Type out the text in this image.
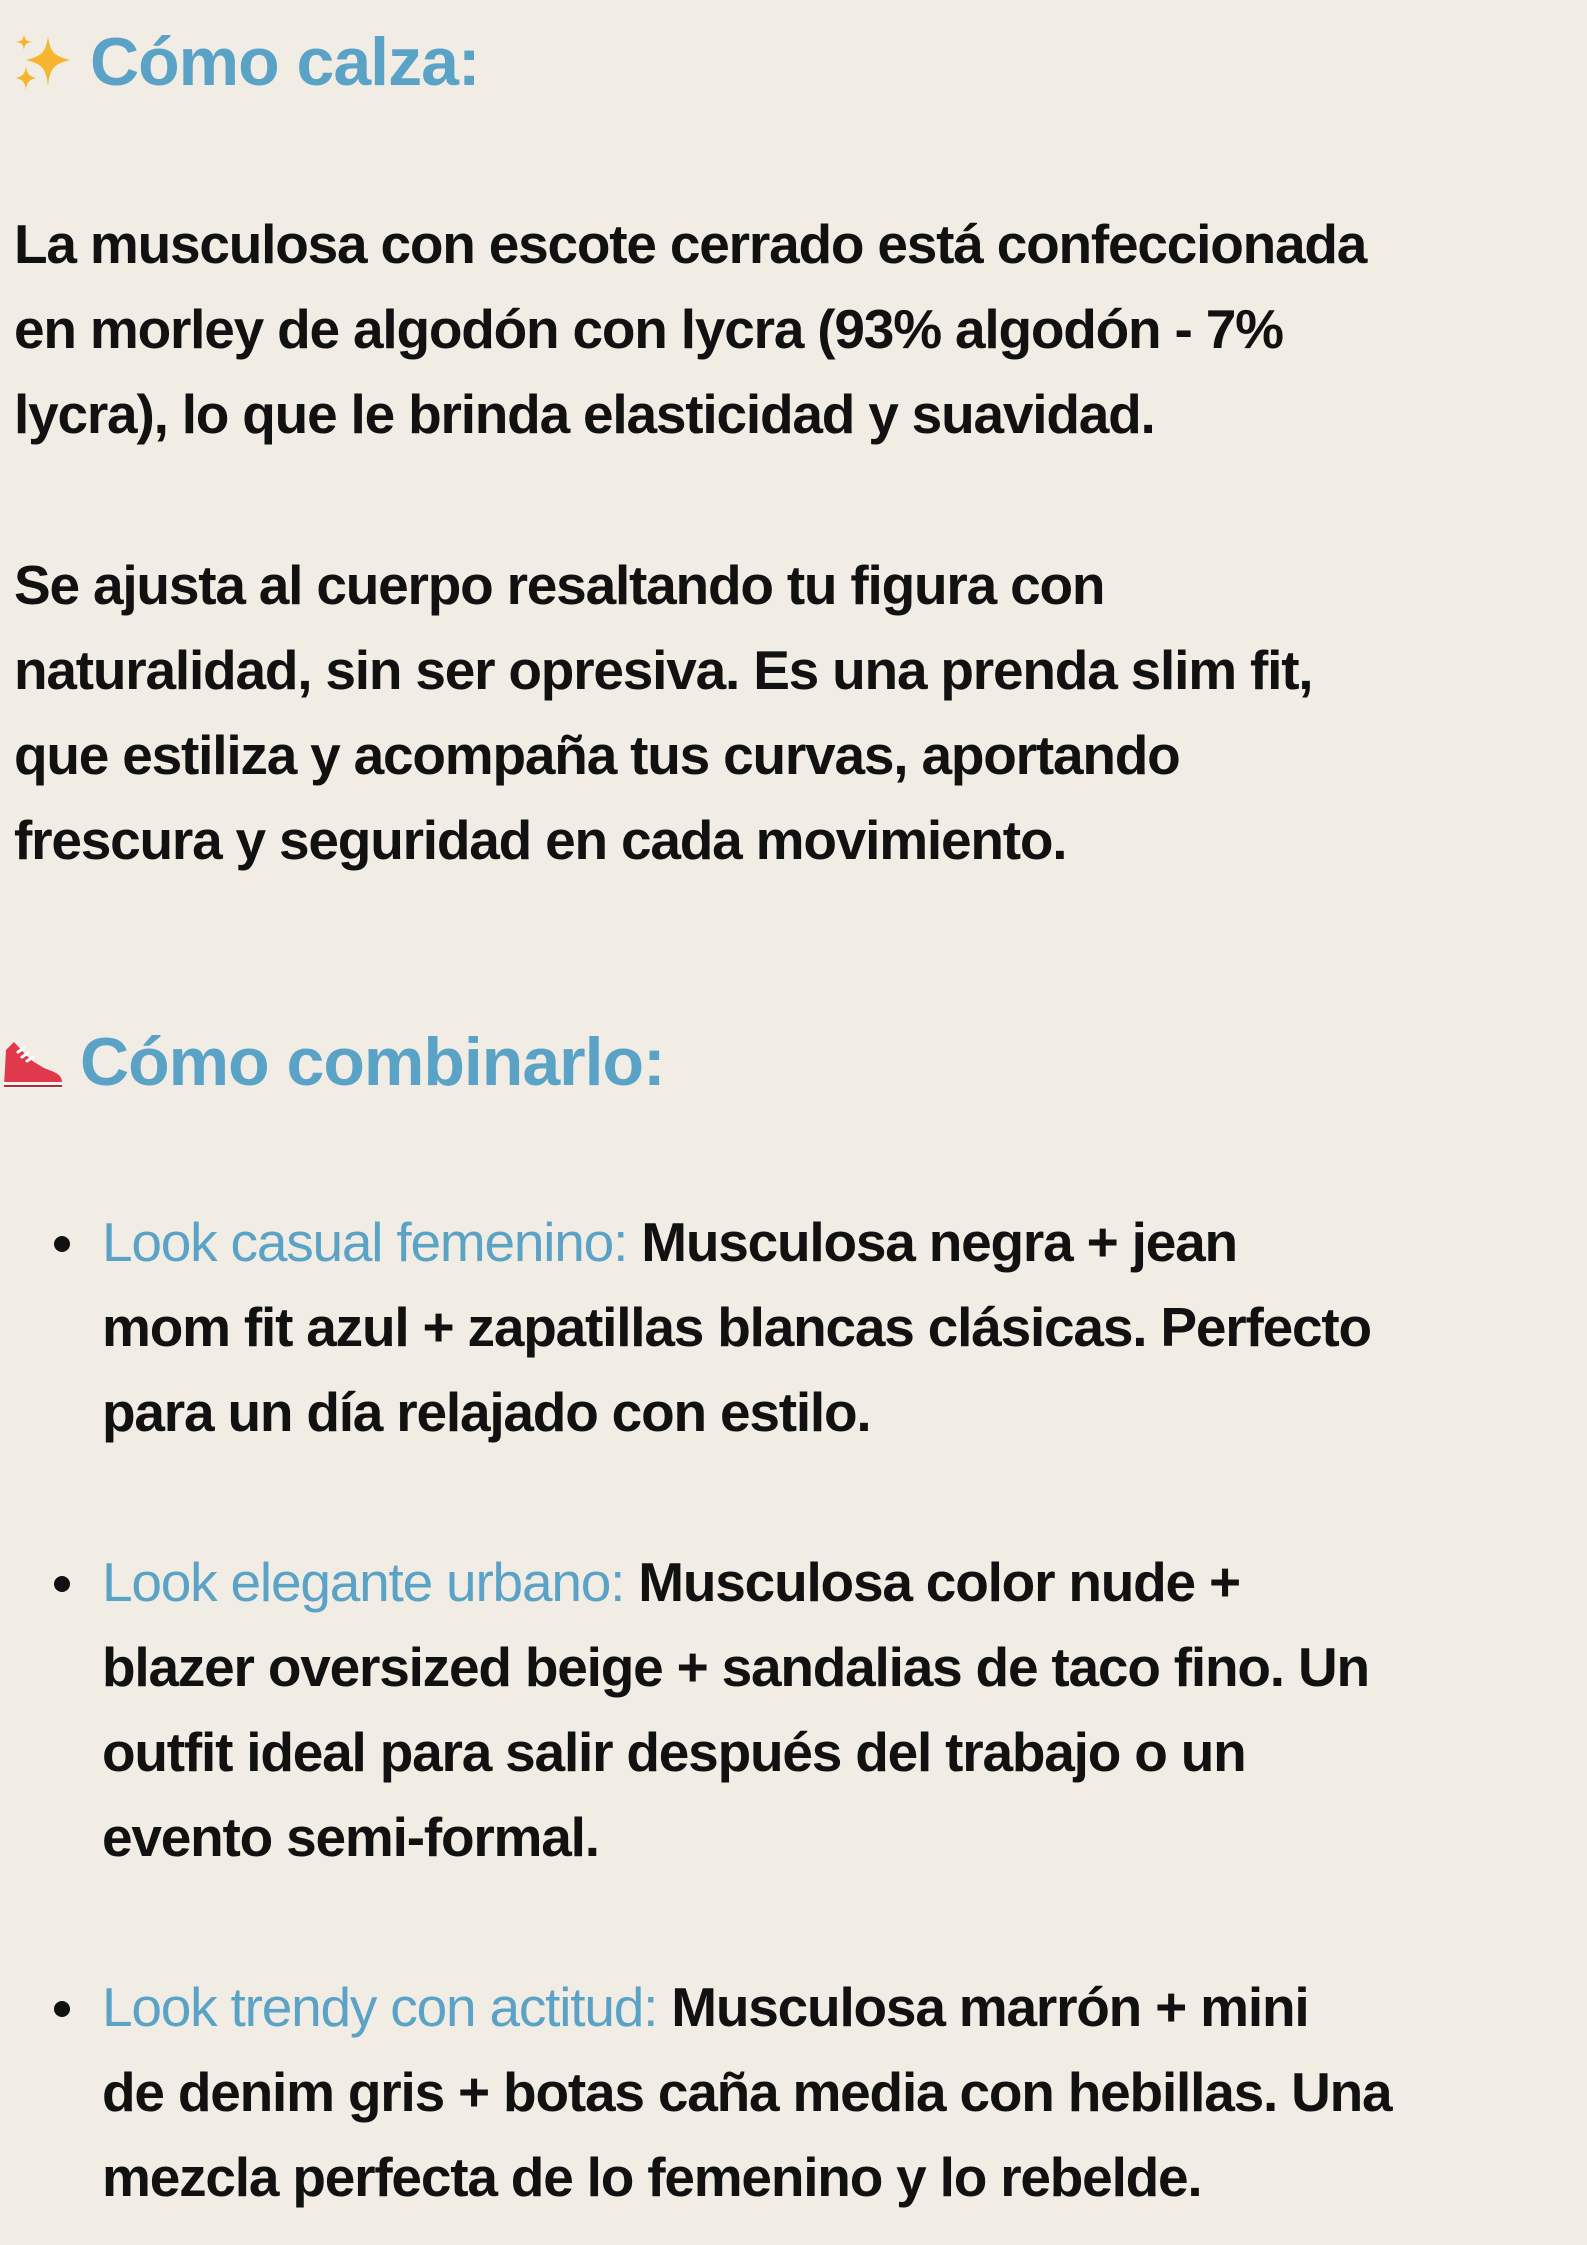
Cómo calza:

La musculosa con escote cerrado está confeccionada
en morley de algodón con lycra (93% algodón - 7%
lycra), lo que le brinda elasticidad y suavidad.

Se ajusta al cuerpo resaltando tu figura con
naturalidad, sin ser opresiva. Es una prenda slim fit,
que estiliza y acompaña tus curvas, aportando
frescura y seguridad en cada movimiento.

Cómo combinarlo:
Look casual femenino: Musculosa negra + jean
mom fit azul + zapatillas blancas clásicas. Perfecto
para un día relajado con estilo.
Look elegante urbano: Musculosa color nude +
blazer oversized beige + sandalias de taco fino. Un
outfit ideal para salir después del trabajo o un
evento semi-formal.
Look trendy con actitud: Musculosa marrón + mini
de denim gris + botas caña media con hebillas. Una
mezcla perfecta de lo femenino y lo rebelde.
